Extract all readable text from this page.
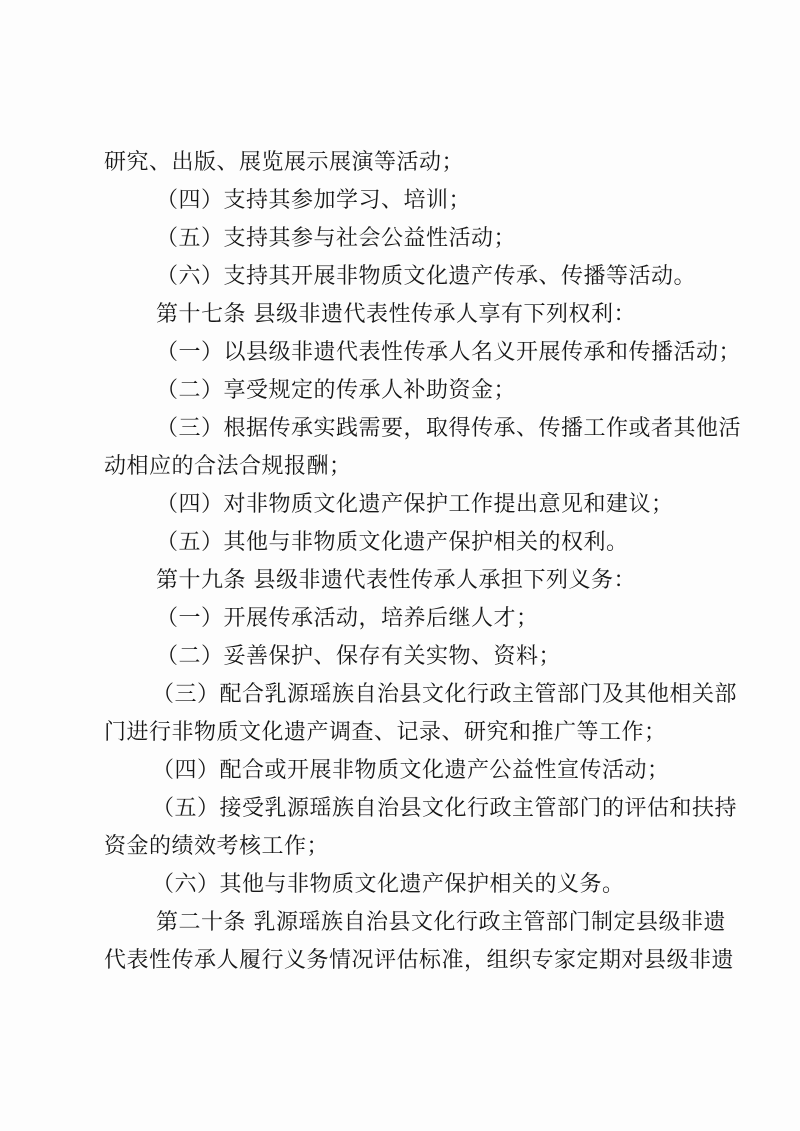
研究、出版、展览展示展演等活动；
（四）支持其参加学习、培训；
（五）支持其参与社会公益性活动；
（六）支持其开展非物质文化遗产传承、传播等活动。
第十七条 县级非遗代表性传承人享有下列权利：
（一）以县级非遗代表性传承人名义开展传承和传播活动；
（二）享受规定的传承人补助资金；
（三）根据传承实践需要，取得传承、传播工作或者其他活
动相应的合法合规报酬；
（四）对非物质文化遗产保护工作提出意见和建议；
（五）其他与非物质文化遗产保护相关的权利。
第十九条 县级非遗代表性传承人承担下列义务：
（一）开展传承活动，培养后继人才；
（二）妥善保护、保存有关实物、资料；
（三）配合乳源瑶族自治县文化行政主管部门及其他相关部
门进行非物质文化遗产调查、记录、研究和推广等工作；
（四）配合或开展非物质文化遗产公益性宣传活动；
（五）接受乳源瑶族自治县文化行政主管部门的评估和扶持
资金的绩效考核工作；
（六）其他与非物质文化遗产保护相关的义务。
第二十条 乳源瑶族自治县文化行政主管部门制定县级非遗
代表性传承人履行义务情况评估标准，组织专家定期对县级非遗
